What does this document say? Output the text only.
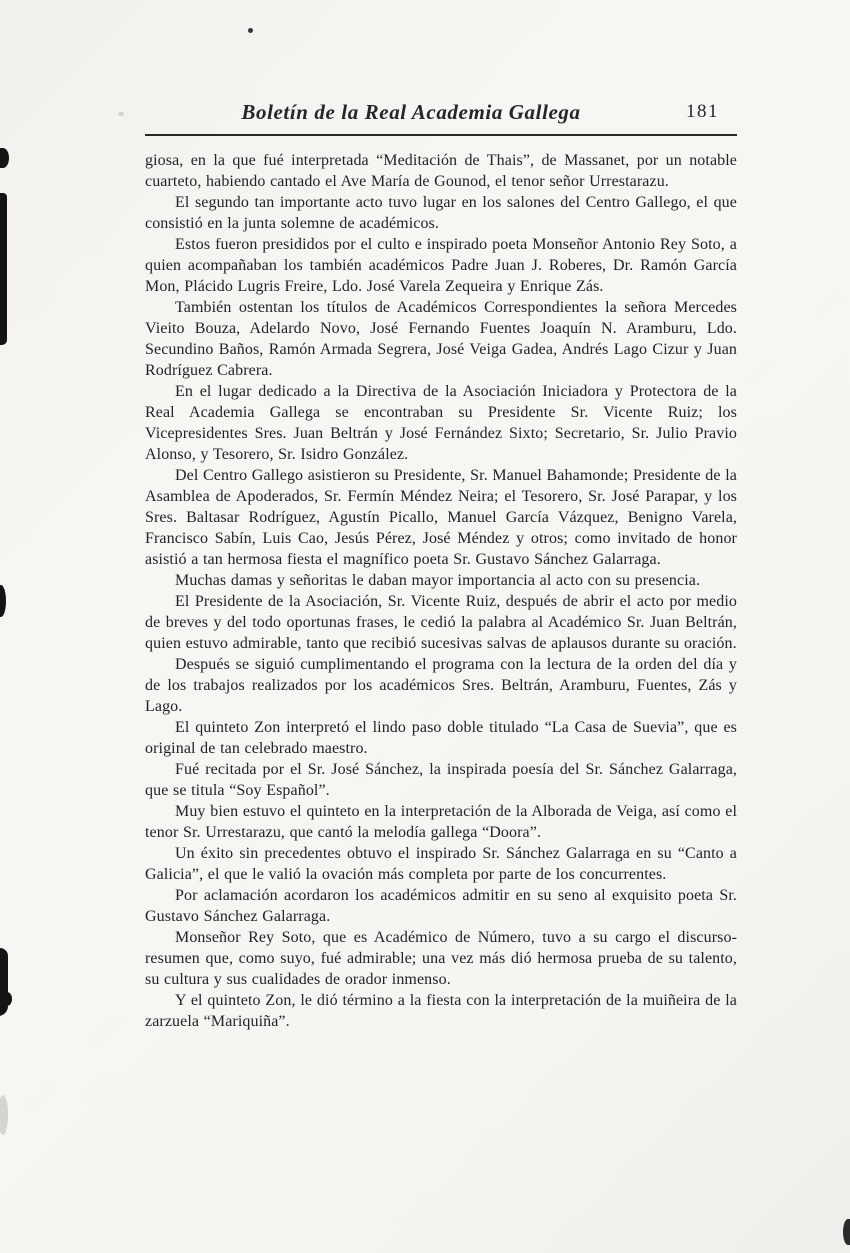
Boletín de la Real Academia Gallega	181

giosa, en la que fué interpretada “Meditación de Thais”, de Massanet, por un notable cuarteto, habiendo cantado el Ave María de Gounod, el tenor señor Urrestarazu.

El segundo tan importante acto tuvo lugar en los salones del Centro Gallego, el que consistió en la junta solemne de académicos.

Estos fueron presididos por el culto e inspirado poeta Monseñor Antonio Rey Soto, a quien acompañaban los también académicos Padre Juan J. Roberes, Dr. Ramón García Mon, Plácido Lugris Freire, Ldo. José Varela Zequeira y Enrique Zás.

También ostentan los títulos de Académicos Correspondientes la señora Mercedes Vieito Bouza, Adelardo Novo, José Fernando Fuentes Joaquín N. Aramburu, Ldo. Secundino Baños, Ramón Armada Segrera, José Veiga Gadea, Andrés Lago Cizur y Juan Rodríguez Cabrera.

En el lugar dedicado a la Directiva de la Asociación Iniciadora y Protectora de la Real Academia Gallega se encontraban su Presidente Sr. Vicente Ruiz; los Vicepresidentes Sres. Juan Beltrán y José Fernández Sixto; Secretario, Sr. Julio Pravio Alonso, y Tesorero, Sr. Isidro González.

Del Centro Gallego asistieron su Presidente, Sr. Manuel Bahamonde; Presidente de la Asamblea de Apoderados, Sr. Fermín Méndez Neira; el Tesorero, Sr. José Parapar, y los Sres. Baltasar Rodríguez, Agustín Picallo, Manuel García Vázquez, Benigno Varela, Francisco Sabín, Luis Cao, Jesús Pérez, José Méndez y otros; como invitado de honor asistió a tan hermosa fiesta el magnífico poeta Sr. Gustavo Sánchez Galarraga.

Muchas damas y señoritas le daban mayor importancia al acto con su presencia.

El Presidente de la Asociación, Sr. Vicente Ruiz, después de abrir el acto por medio de breves y del todo oportunas frases, le cedió la palabra al Académico Sr. Juan Beltrán, quien estuvo admirable, tanto que recibió sucesivas salvas de aplausos durante su oración.

Después se siguió cumplimentando el programa con la lectura de la orden del día y de los trabajos realizados por los académicos Sres. Beltrán, Aramburu, Fuentes, Zás y Lago.

El quinteto Zon interpretó el lindo paso doble titulado “La Casa de Suevia”, que es original de tan celebrado maestro.

Fué recitada por el Sr. José Sánchez, la inspirada poesía del Sr. Sánchez Galarraga, que se titula “Soy Español”.

Muy bien estuvo el quinteto en la interpretación de la Alborada de Veiga, así como el tenor Sr. Urrestarazu, que cantó la melodía gallega “Doora”.

Un éxito sin precedentes obtuvo el inspirado Sr. Sánchez Galarraga en su “Canto a Galicia”, el que le valió la ovación más completa por parte de los concurrentes.

Por aclamación acordaron los académicos admitir en su seno al exquisito poeta Sr. Gustavo Sánchez Galarraga.

Monseñor Rey Soto, que es Académico de Número, tuvo a su cargo el discurso-resumen que, como suyo, fué admirable; una vez más dió hermosa prueba de su talento, su cultura y sus cualidades de orador inmenso.

Y el quinteto Zon, le dió término a la fiesta con la interpretación de la muiñeira de la zarzuela “Mariquiña”.
